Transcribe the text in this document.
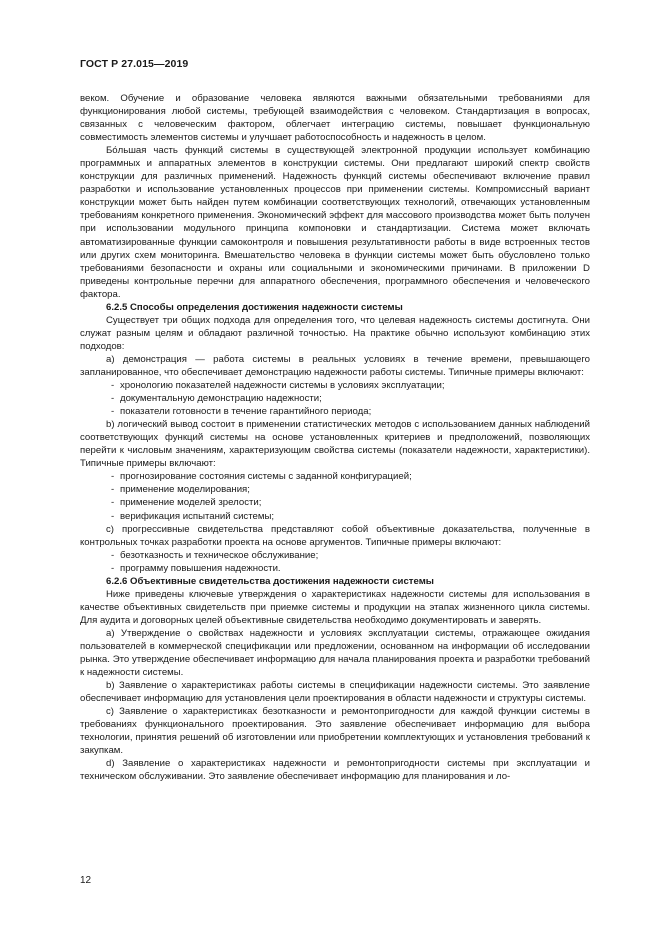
ГОСТ Р 27.015—2019

веком. Обучение и образование человека являются важными обязательными требованиями для функционирования любой системы, требующей взаимодействия с человеком. Стандартизация в вопросах, связанных с человеческим фактором, облегчает интеграцию системы, повышает функциональную совместимость элементов системы и улучшает работоспособность и надежность в целом.

Бо́льшая часть функций системы в существующей электронной продукции использует комбинацию программных и аппаратных элементов в конструкции системы. Они предлагают широкий спектр свойств конструкции для различных применений. Надежность функций системы обеспечивают включение правил разработки и использование установленных процессов при применении системы. Компромиссный вариант конструкции может быть найден путем комбинации соответствующих технологий, отвечающих установленным требованиям конкретного применения. Экономический эффект для массового производства может быть получен при использовании модульного принципа компоновки и стандартизации. Система может включать автоматизированные функции самоконтроля и повышения результативности работы в виде встроенных тестов или других схем мониторинга. Вмешательство человека в функции системы может быть обусловлено только требованиями безопасности и охраны или социальными и экономическими причинами. В приложении D приведены контрольные перечни для аппаратного обеспечения, программного обеспечения и человеческого фактора.

6.2.5 Способы определения достижения надежности системы

Существует три общих подхода для определения того, что целевая надежность системы достигнута. Они служат разным целям и обладают различной точностью. На практике обычно используют комбинацию этих подходов:

a) демонстрация — работа системы в реальных условиях в течение времени, превышающего запланированное, что обеспечивает демонстрацию надежности работы системы. Типичные примеры включают:

- хронологию показателей надежности системы в условиях эксплуатации;

- документальную демонстрацию надежности;

- показатели готовности в течение гарантийного периода;

b) логический вывод состоит в применении статистических методов с использованием данных наблюдений соответствующих функций системы на основе установленных критериев и предположений, позволяющих перейти к числовым значениям, характеризующим свойства системы (показатели надежности, характеристики). Типичные примеры включают:

- прогнозирование состояния системы с заданной конфигурацией;

- применение моделирования;

- применение моделей зрелости;

- верификация испытаний системы;

c) прогрессивные свидетельства представляют собой объективные доказательства, полученные в контрольных точках разработки проекта на основе аргументов. Типичные примеры включают:

- безотказность и техническое обслуживание;

- программу повышения надежности.

6.2.6 Объективные свидетельства достижения надежности системы

Ниже приведены ключевые утверждения о характеристиках надежности системы для использования в качестве объективных свидетельств при приемке системы и продукции на этапах жизненного цикла системы. Для аудита и договорных целей объективные свидетельства необходимо документировать и заверять.

a) Утверждение о свойствах надежности и условиях эксплуатации системы, отражающее ожидания пользователей в коммерческой спецификации или предложении, основанном на информации об исследовании рынка. Это утверждение обеспечивает информацию для начала планирования проекта и разработки требований к надежности системы.

b) Заявление о характеристиках работы системы в спецификации надежности системы. Это заявление обеспечивает информацию для установления цели проектирования в области надежности и структуры системы.

c) Заявление о характеристиках безотказности и ремонтопригодности для каждой функции системы в требованиях функционального проектирования. Это заявление обеспечивает информацию для выбора технологии, принятия решений об изготовлении или приобретении комплектующих и установления требований к закупкам.

d) Заявление о характеристиках надежности и ремонтопригодности системы при эксплуатации и техническом обслуживании. Это заявление обеспечивает информацию для планирования и ло-

12
